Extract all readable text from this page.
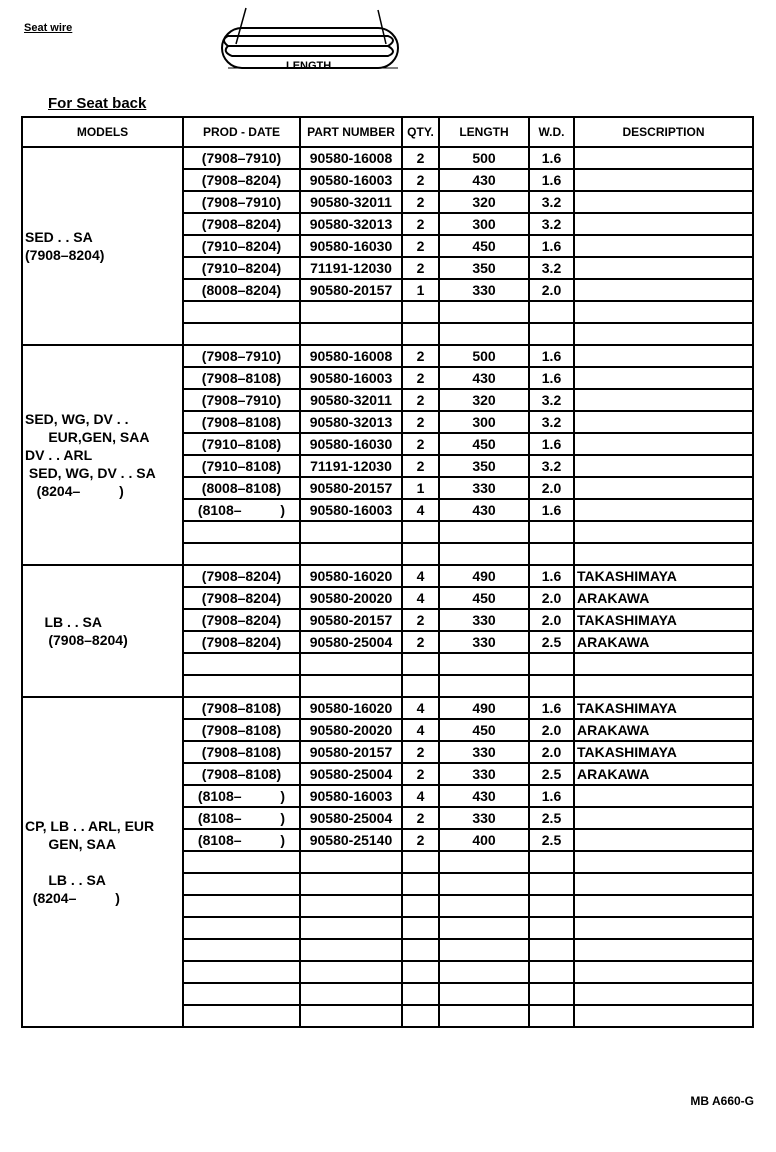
Seat wire
LENGTH
For Seat back
MODELS	PROD - DATE	PART NUMBER	QTY.	LENGTH	W.D.	DESCRIPTION

SED . . SA
(7908–8204)	(7908–7910)	90580-16008	2	500	1.6	
	(7908–8204)	90580-16003	2	430	1.6	
	(7908–7910)	90580-32011	2	320	3.2	
	(7908–8204)	90580-32013	2	300	3.2	
	(7910–8204)	90580-16030	2	450	1.6	
	(7910–8204)	71191-12030	2	350	3.2	
	(8008–8204)	90580-20157	1	330	2.0	

SED, WG, DV . .
EUR,GEN, SAA
DV . . ARL
SED, WG, DV . . SA
(8204–          )	(7908–7910)	90580-16008	2	500	1.6	
	(7908–8108)	90580-16003	2	430	1.6	
	(7908–7910)	90580-32011	2	320	3.2	
	(7908–8108)	90580-32013	2	300	3.2	
	(7910–8108)	90580-16030	2	450	1.6	
	(7910–8108)	71191-12030	2	350	3.2	
	(8008–8108)	90580-20157	1	330	2.0	
	(8108–          )	90580-16003	4	430	1.6	

LB . . SA
(7908–8204)	(7908–8204)	90580-16020	4	490	1.6	TAKASHIMAYA
	(7908–8204)	90580-20020	4	450	2.0	ARAKAWA
	(7908–8204)	90580-20157	2	330	2.0	TAKASHIMAYA
	(7908–8204)	90580-25004	2	330	2.5	ARAKAWA

CP, LB . . ARL, EUR
GEN, SAA

LB . . SA
(8204–          )	(7908–8108)	90580-16020	4	490	1.6	TAKASHIMAYA
	(7908–8108)	90580-20020	4	450	2.0	ARAKAWA
	(7908–8108)	90580-20157	2	330	2.0	TAKASHIMAYA
	(7908–8108)	90580-25004	2	330	2.5	ARAKAWA
	(8108–          )	90580-16003	4	430	1.6	
	(8108–          )	90580-25004	2	330	2.5	
	(8108–          )	90580-25140	2	400	2.5	

MB A660-G
